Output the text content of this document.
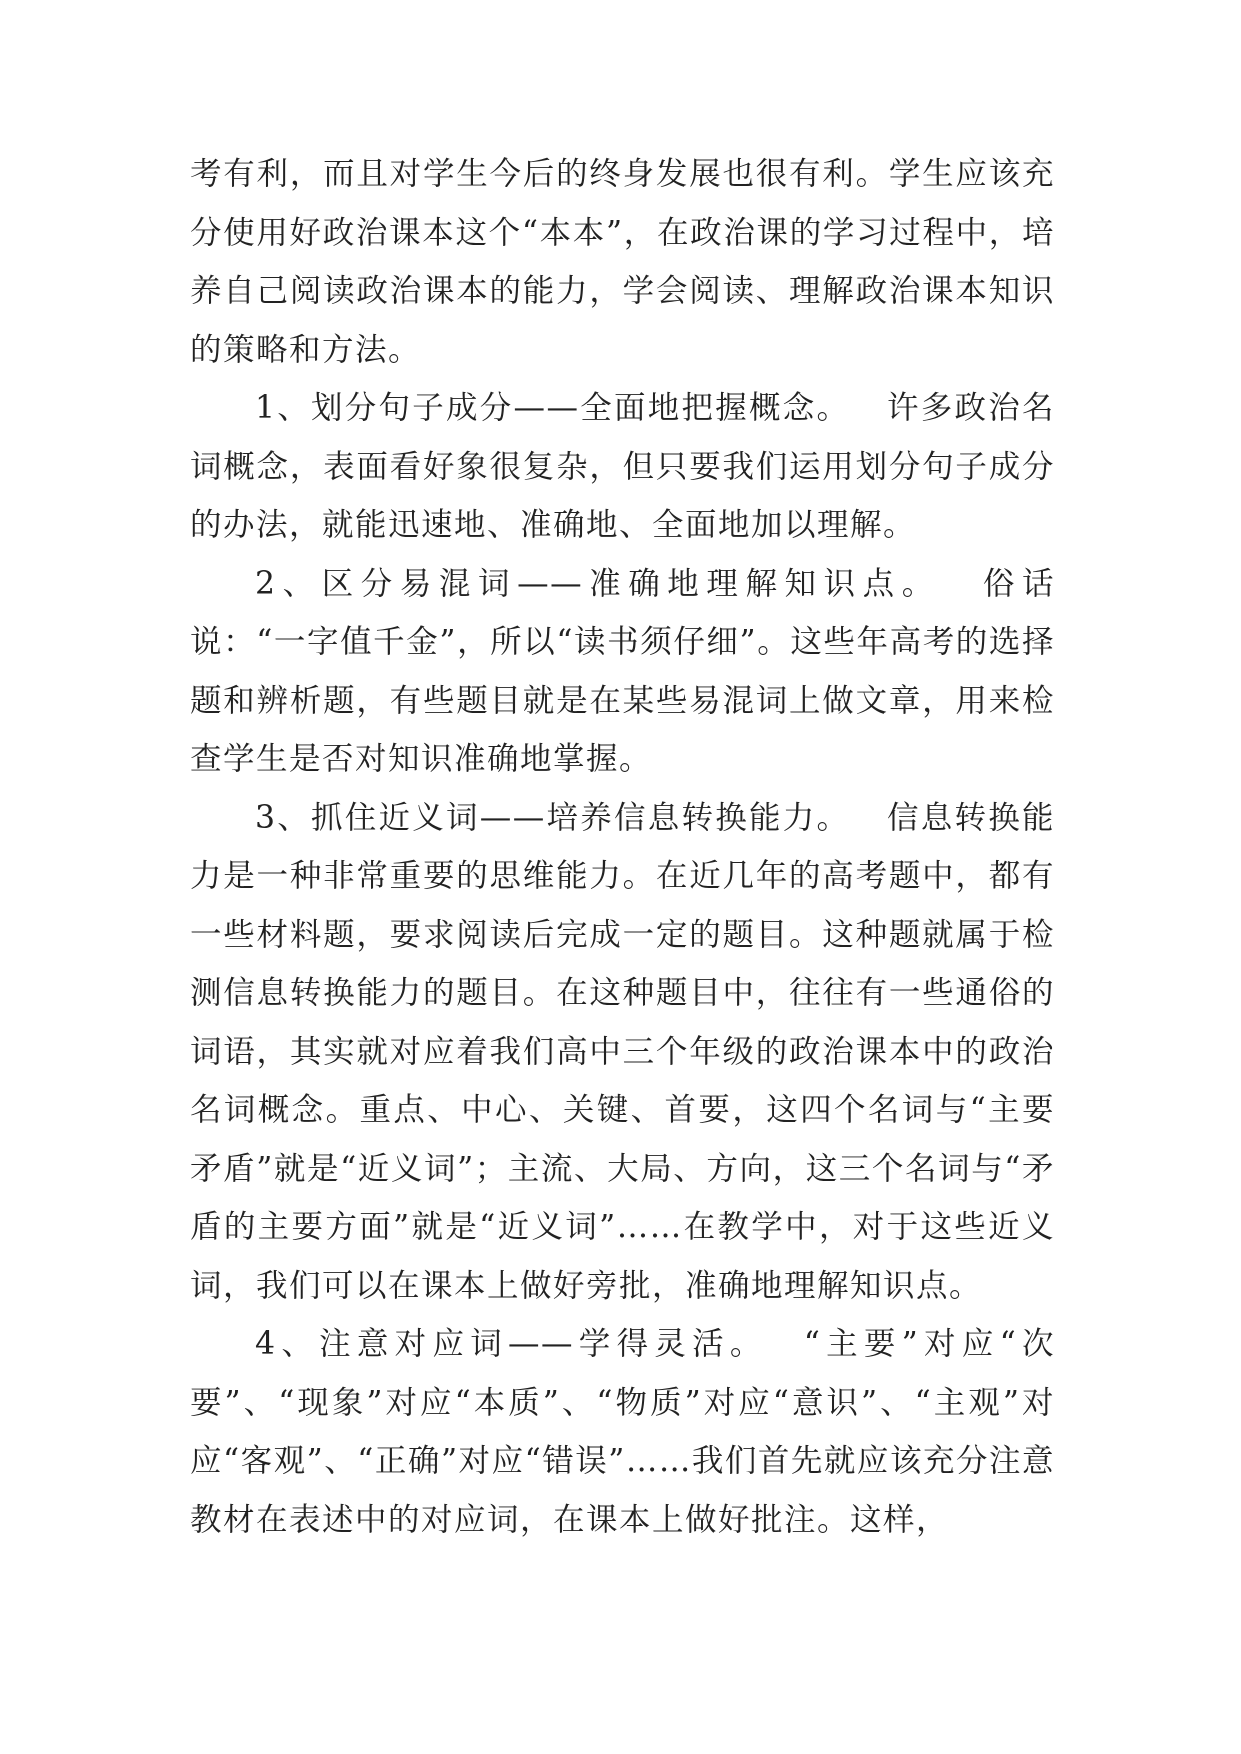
考有利，而且对学生今后的终身发展也很有利。学生应该充分使用好政治课本这个“本本”，在政治课的学习过程中，培养自己阅读政治课本的能力，学会阅读、理解政治课本知识的策略和方法。

1、划分句子成分——全面地把握概念。 许多政治名词概念，表面看好象很复杂，但只要我们运用划分句子成分的办法，就能迅速地、准确地、全面地加以理解。

2、区分易混词——准确地理解知识点。 俗话说：“一字值千金”，所以“读书须仔细”。这些年高考的选择题和辨析题，有些题目就是在某些易混词上做文章，用来检查学生是否对知识准确地掌握。

3、抓住近义词——培养信息转换能力。 信息转换能力是一种非常重要的思维能力。在近几年的高考题中，都有一些材料题，要求阅读后完成一定的题目。这种题就属于检测信息转换能力的题目。在这种题目中，往往有一些通俗的词语，其实就对应着我们高中三个年级的政治课本中的政治名词概念。重点、中心、关键、首要，这四个名词与“主要矛盾”就是“近义词”；主流、大局、方向，这三个名词与“矛盾的主要方面”就是“近义词”……在教学中，对于这些近义词，我们可以在课本上做好旁批，准确地理解知识点。

4、注意对应词——学得灵活。 “主要”对应“次要”、“现象”对应“本质”、“物质”对应“意识”、“主观”对应“客观”、“正确”对应“错误”……我们首先就应该充分注意教材在表述中的对应词，在课本上做好批注。这样，
